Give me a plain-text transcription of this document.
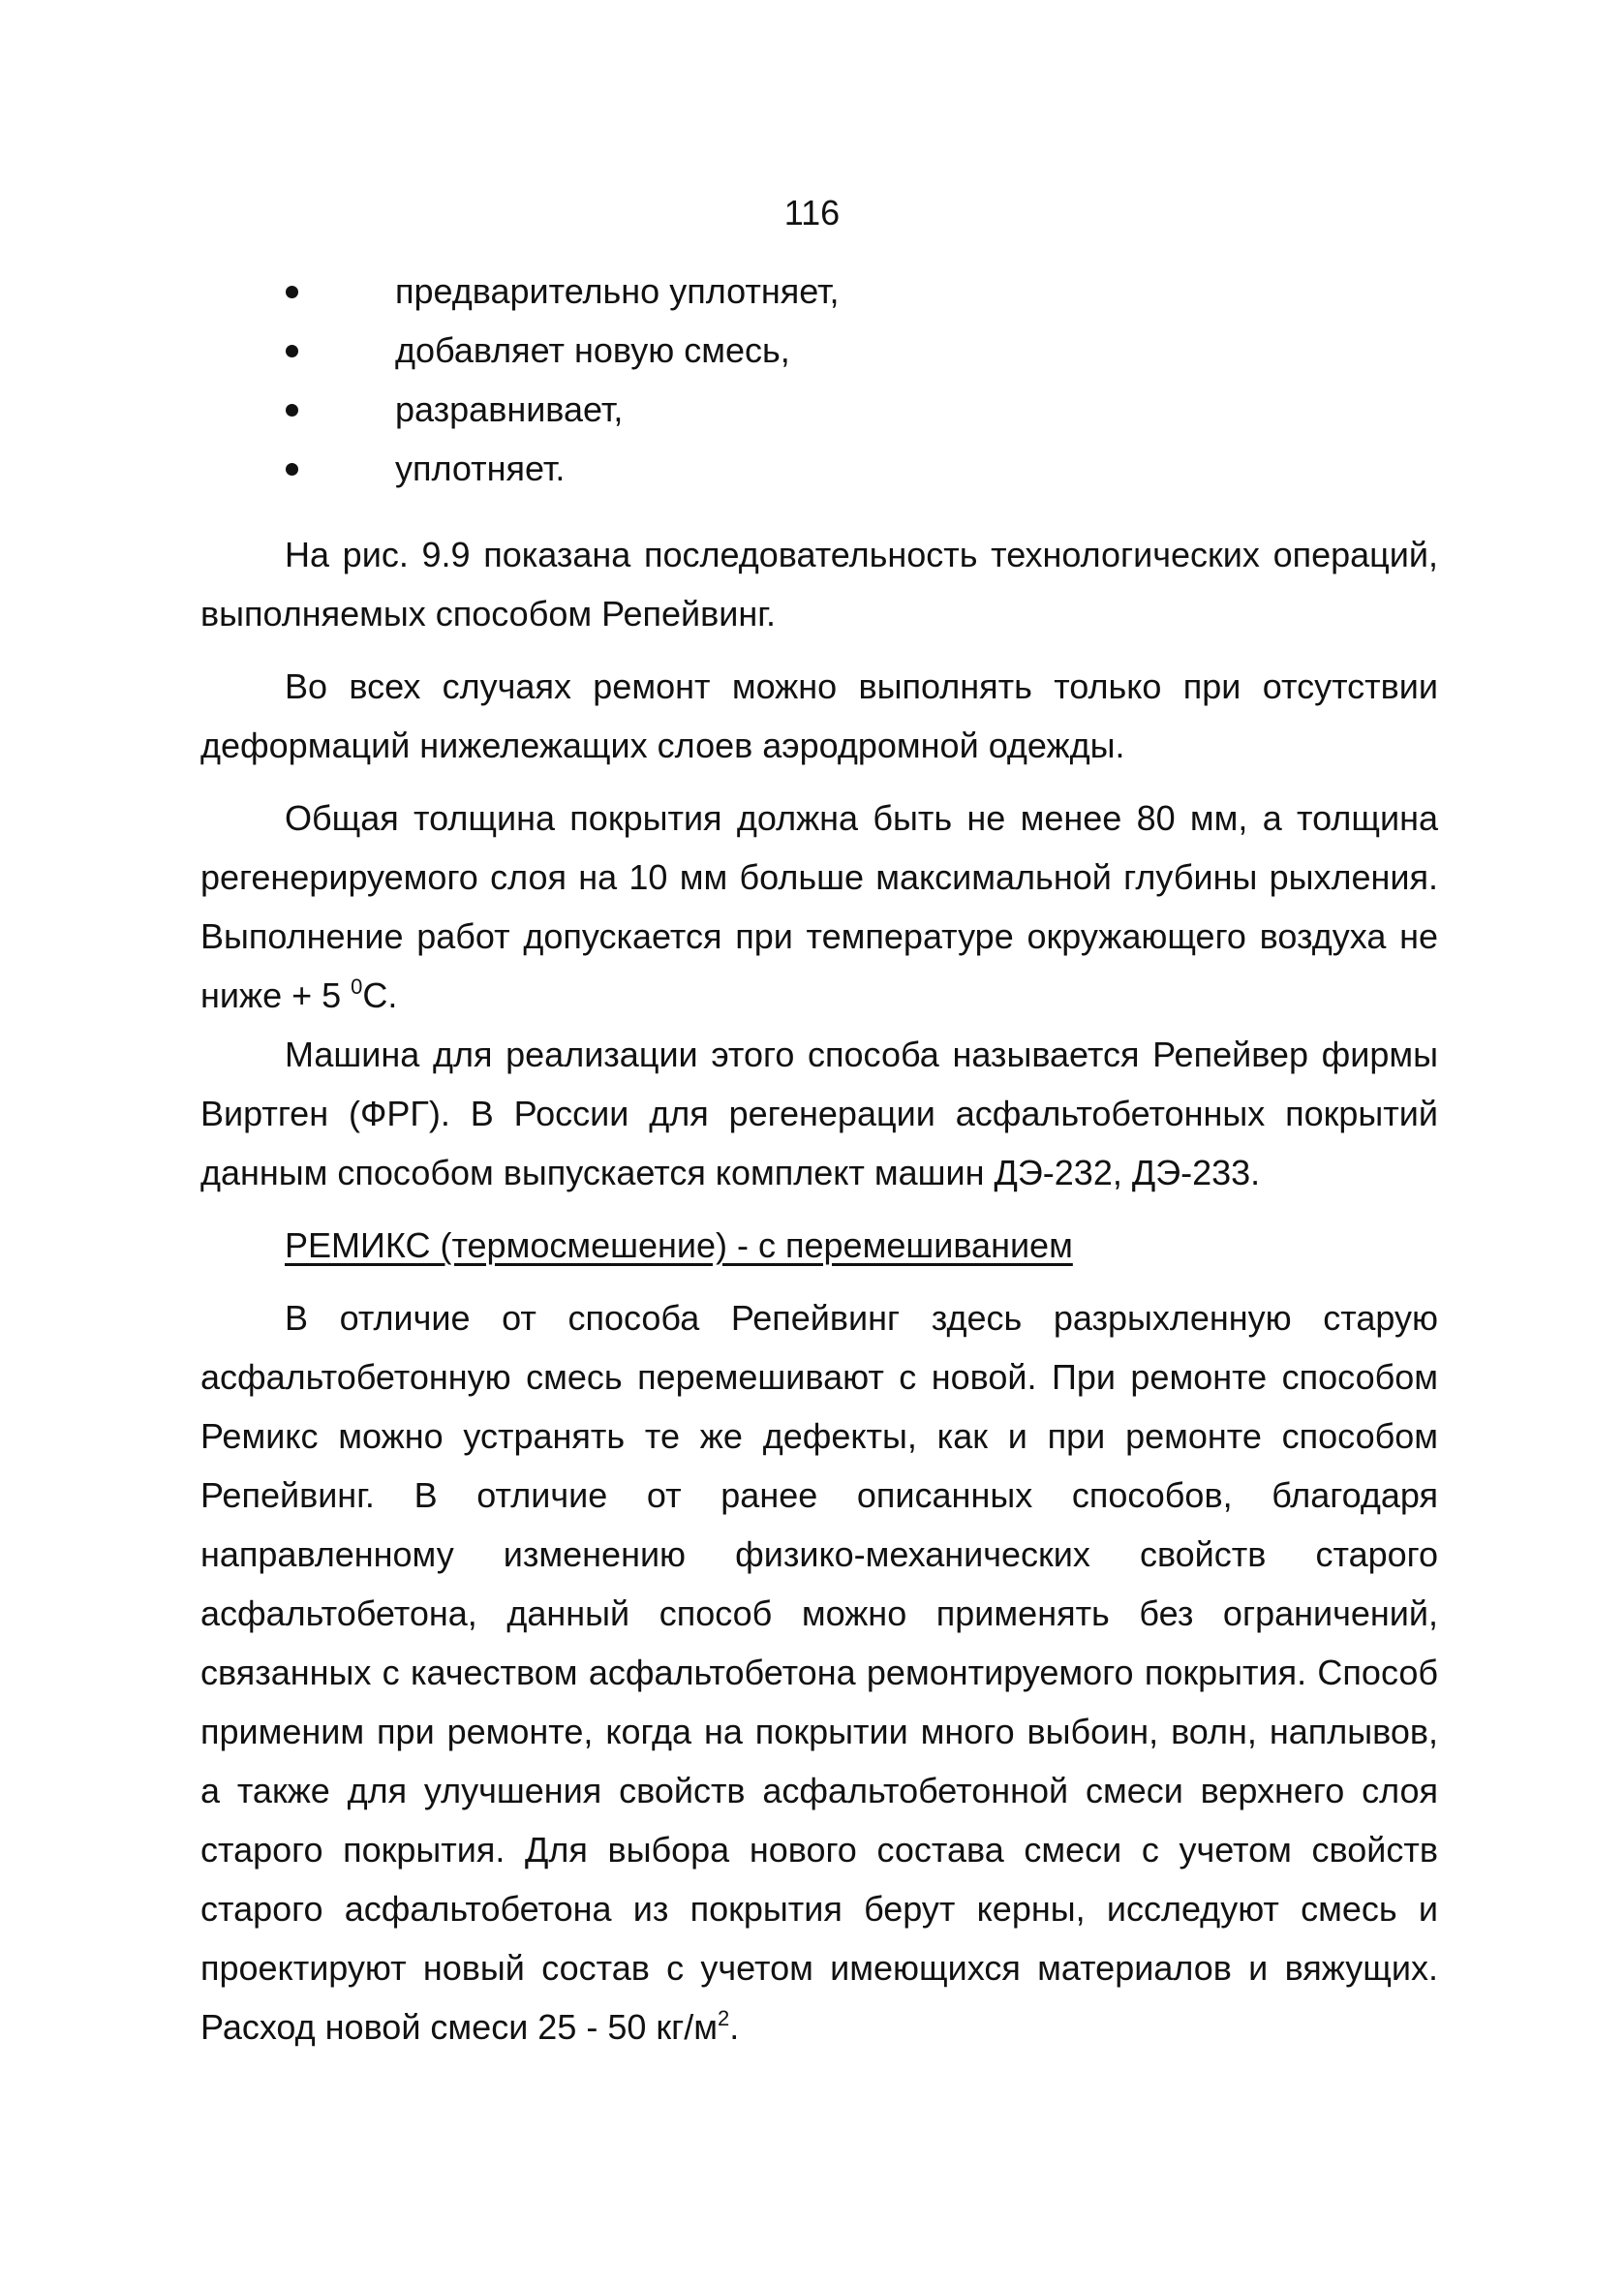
116
предварительно уплотняет,
добавляет новую смесь,
разравнивает,
уплотняет.

На рис. 9.9 показана последовательность технологических операций, выполняемых способом Репейвинг.

Во всех случаях ремонт можно выполнять только при отсутствии деформаций нижележащих слоев аэродромной одежды.

Общая толщина покрытия должна быть не менее 80 мм, а толщина регенерируемого слоя на 10 мм больше максимальной глубины рыхления. Выполнение работ допускается при температуре окружающего воздуха не ниже + 5 $^0$С.

Машина для реализации этого способа называется Репейвер фирмы Виртген (ФРГ). В России для регенерации асфальтобетонных покрытий данным способом выпускается комплект машин ДЭ-232, ДЭ-233.

РЕМИКС (термосмешение) - с перемешиванием

В отличие от способа Репейвинг здесь разрыхленную старую асфальтобетонную смесь перемешивают с новой. При ремонте способом Ремикс можно устранять те же дефекты, как и при ремонте способом Репейвинг. В отличие от ранее описанных способов, благодаря направленному изменению физико-механических свойств старого асфальтобетона, данный способ можно применять без ограничений, связанных с качеством асфальтобетона ремонтируемого покрытия. Способ применим при ремонте, когда на покрытии много выбоин, волн, наплывов, а также для улучшения свойств асфальтобетонной смеси верхнего слоя старого покрытия. Для выбора нового состава смеси с учетом свойств старого асфальтобетона из покрытия берут керны, исследуют смесь и проектируют новый состав с учетом имеющихся материалов и вяжущих. Расход новой смеси 25 - 50 $кг/м^2$.
